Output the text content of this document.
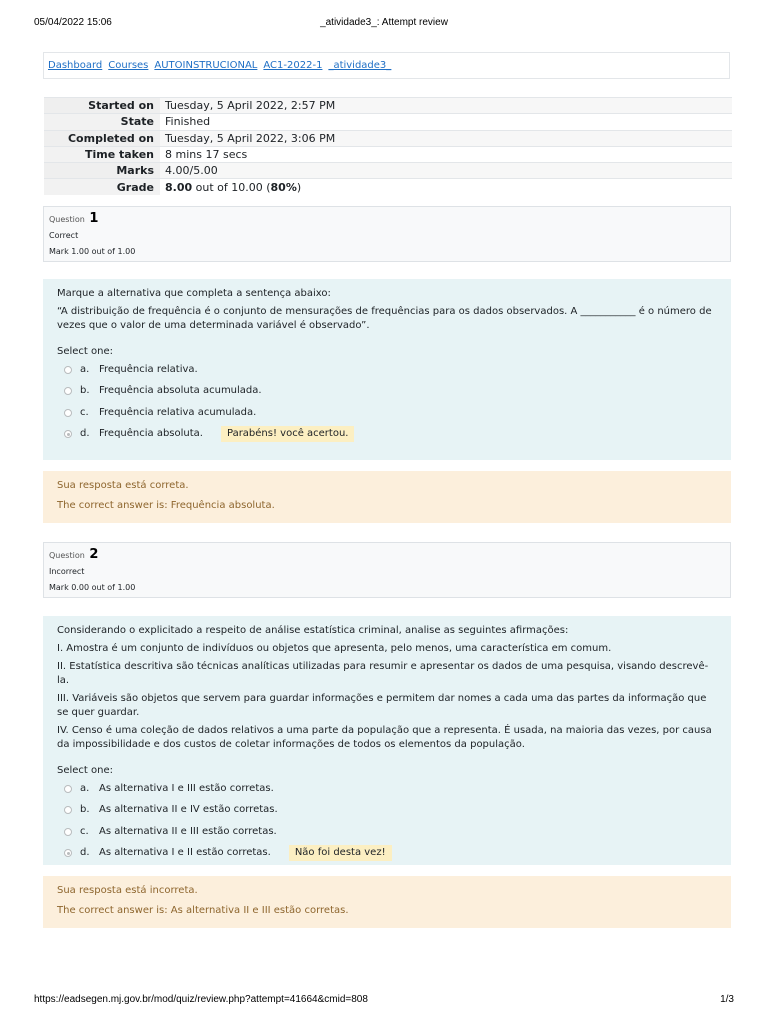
05/04/2022 15:06	_atividade3_: Attempt review
Dashboard Courses AUTOINSTRUCIONAL AC1-2022-1 _atividade3_
Started on	Tuesday, 5 April 2022, 2:57 PM
State	Finished
Completed on	Tuesday, 5 April 2022, 3:06 PM
Time taken	8 mins 17 secs
Marks	4.00/5.00
Grade	8.00 out of 10.00 (80%)
Question 1
Correct
Mark 1.00 out of 1.00

Marque a alternativa que completa a sentença abaixo:

“A distribuição de frequência é o conjunto de mensurações de frequências para os dados observados. A ___________ é o número de vezes que o valor de uma determinada variável é observado”.

Select one:

a. Frequência relativa.
b. Frequência absoluta acumulada.
c.	Frequência relativa acumulada.
d. Frequência absoluta.	Parabéns! você acertou.

Sua resposta está correta.

The correct answer is: Frequência absoluta.

Question 2
Incorrect
Mark 0.00 out of 1.00

Considerando o explicitado a respeito de análise estatística criminal, analise as seguintes afirmações:

I. Amostra é um conjunto de indivíduos ou objetos que apresenta, pelo menos, uma característica em comum.

II. Estatística descritiva são técnicas analíticas utilizadas para resumir e apresentar os dados de uma pesquisa, visando descrevê-la.

III. Variáveis são objetos que servem para guardar informações e permitem dar nomes a cada uma das partes da informação que se quer guardar.

IV. Censo é uma coleção de dados relativos a uma parte da população que a representa. É usada, na maioria das vezes, por causa da impossibilidade e dos custos de coletar informações de todos os elementos da população.

Select one:

a. As alternativa I e III estão corretas.
b. As alternativa II e IV estão corretas.
c.	As alternativa II e III estão corretas.
d. As alternativa I e II estão corretas.	Não foi desta vez!

Sua resposta está incorreta.

The correct answer is: As alternativa II e III estão corretas.

https://eadsegen.mj.gov.br/mod/quiz/review.php?attempt=41664&cmid=808	1/3
